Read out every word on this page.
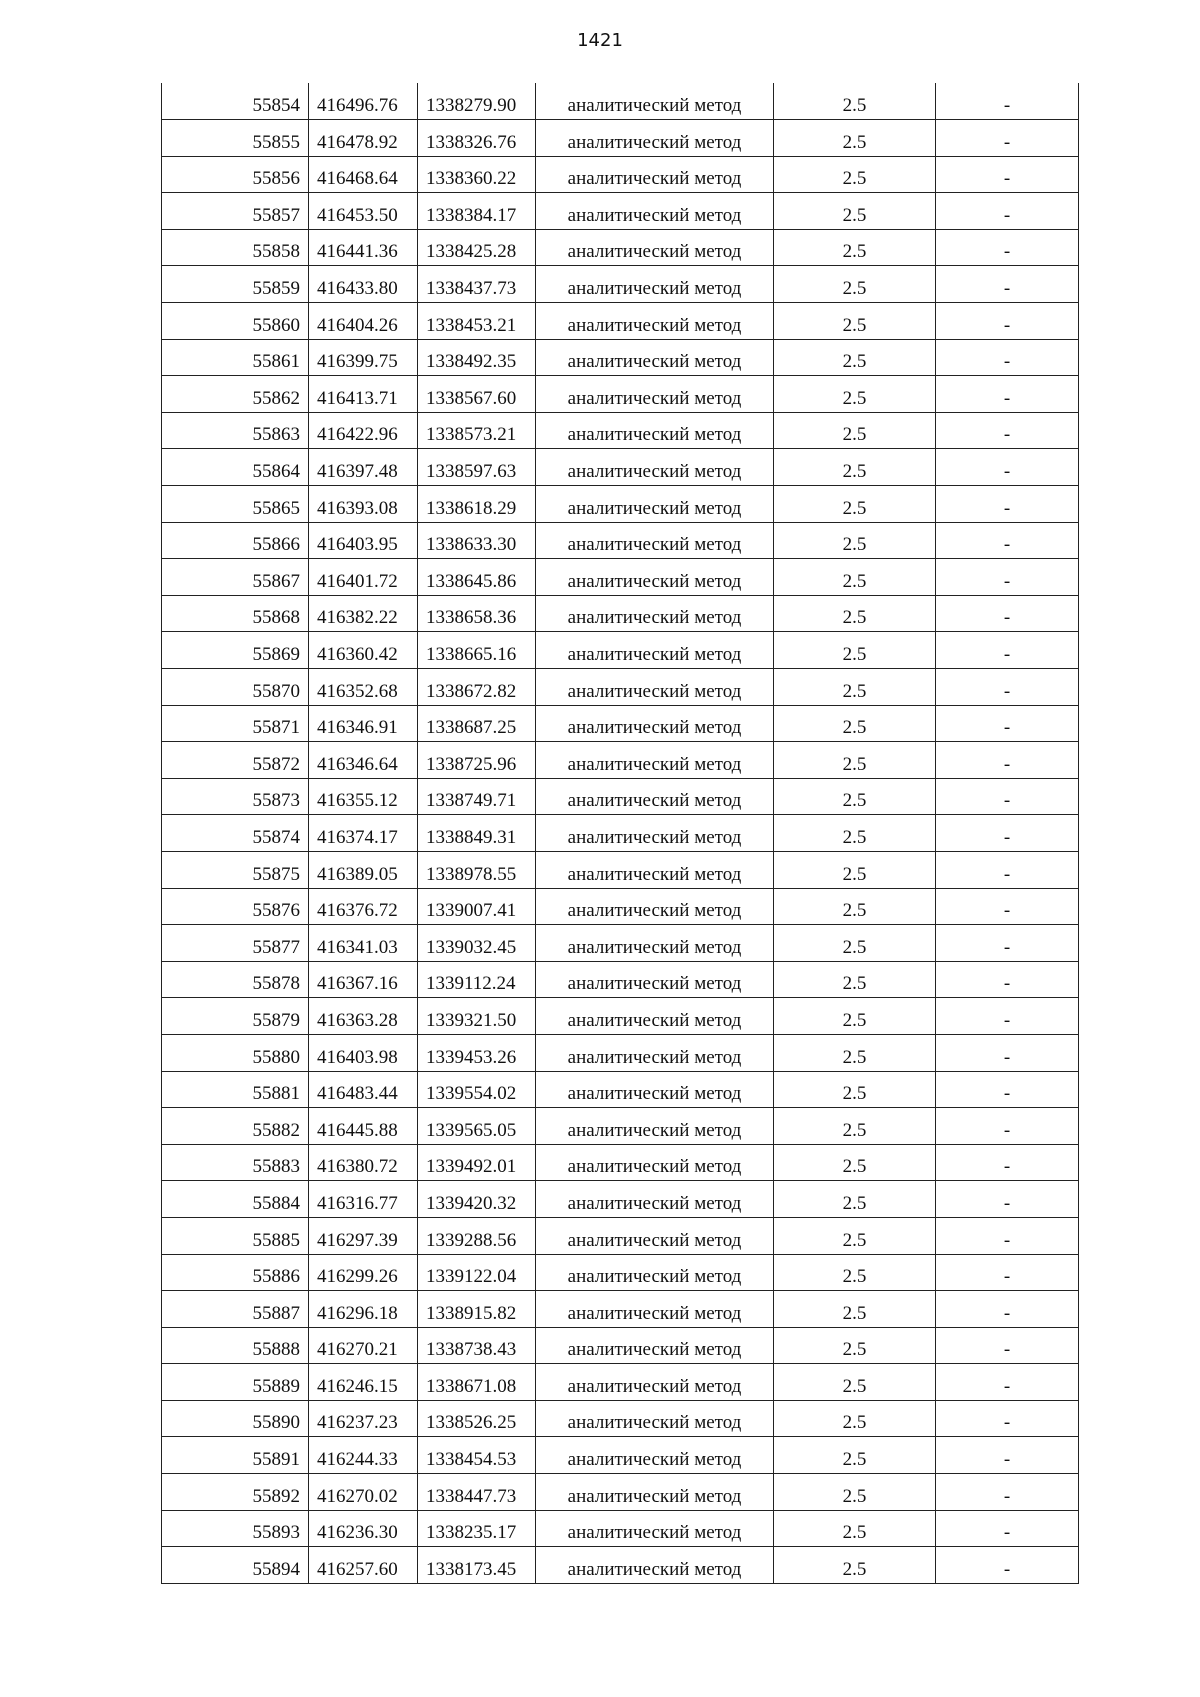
1421
55854	416496.76	1338279.90	аналитический метод	2.5	-
55855	416478.92	1338326.76	аналитический метод	2.5	-
55856	416468.64	1338360.22	аналитический метод	2.5	-
55857	416453.50	1338384.17	аналитический метод	2.5	-
55858	416441.36	1338425.28	аналитический метод	2.5	-
55859	416433.80	1338437.73	аналитический метод	2.5	-
55860	416404.26	1338453.21	аналитический метод	2.5	-
55861	416399.75	1338492.35	аналитический метод	2.5	-
55862	416413.71	1338567.60	аналитический метод	2.5	-
55863	416422.96	1338573.21	аналитический метод	2.5	-
55864	416397.48	1338597.63	аналитический метод	2.5	-
55865	416393.08	1338618.29	аналитический метод	2.5	-
55866	416403.95	1338633.30	аналитический метод	2.5	-
55867	416401.72	1338645.86	аналитический метод	2.5	-
55868	416382.22	1338658.36	аналитический метод	2.5	-
55869	416360.42	1338665.16	аналитический метод	2.5	-
55870	416352.68	1338672.82	аналитический метод	2.5	-
55871	416346.91	1338687.25	аналитический метод	2.5	-
55872	416346.64	1338725.96	аналитический метод	2.5	-
55873	416355.12	1338749.71	аналитический метод	2.5	-
55874	416374.17	1338849.31	аналитический метод	2.5	-
55875	416389.05	1338978.55	аналитический метод	2.5	-
55876	416376.72	1339007.41	аналитический метод	2.5	-
55877	416341.03	1339032.45	аналитический метод	2.5	-
55878	416367.16	1339112.24	аналитический метод	2.5	-
55879	416363.28	1339321.50	аналитический метод	2.5	-
55880	416403.98	1339453.26	аналитический метод	2.5	-
55881	416483.44	1339554.02	аналитический метод	2.5	-
55882	416445.88	1339565.05	аналитический метод	2.5	-
55883	416380.72	1339492.01	аналитический метод	2.5	-
55884	416316.77	1339420.32	аналитический метод	2.5	-
55885	416297.39	1339288.56	аналитический метод	2.5	-
55886	416299.26	1339122.04	аналитический метод	2.5	-
55887	416296.18	1338915.82	аналитический метод	2.5	-
55888	416270.21	1338738.43	аналитический метод	2.5	-
55889	416246.15	1338671.08	аналитический метод	2.5	-
55890	416237.23	1338526.25	аналитический метод	2.5	-
55891	416244.33	1338454.53	аналитический метод	2.5	-
55892	416270.02	1338447.73	аналитический метод	2.5	-
55893	416236.30	1338235.17	аналитический метод	2.5	-
55894	416257.60	1338173.45	аналитический метод	2.5	-
